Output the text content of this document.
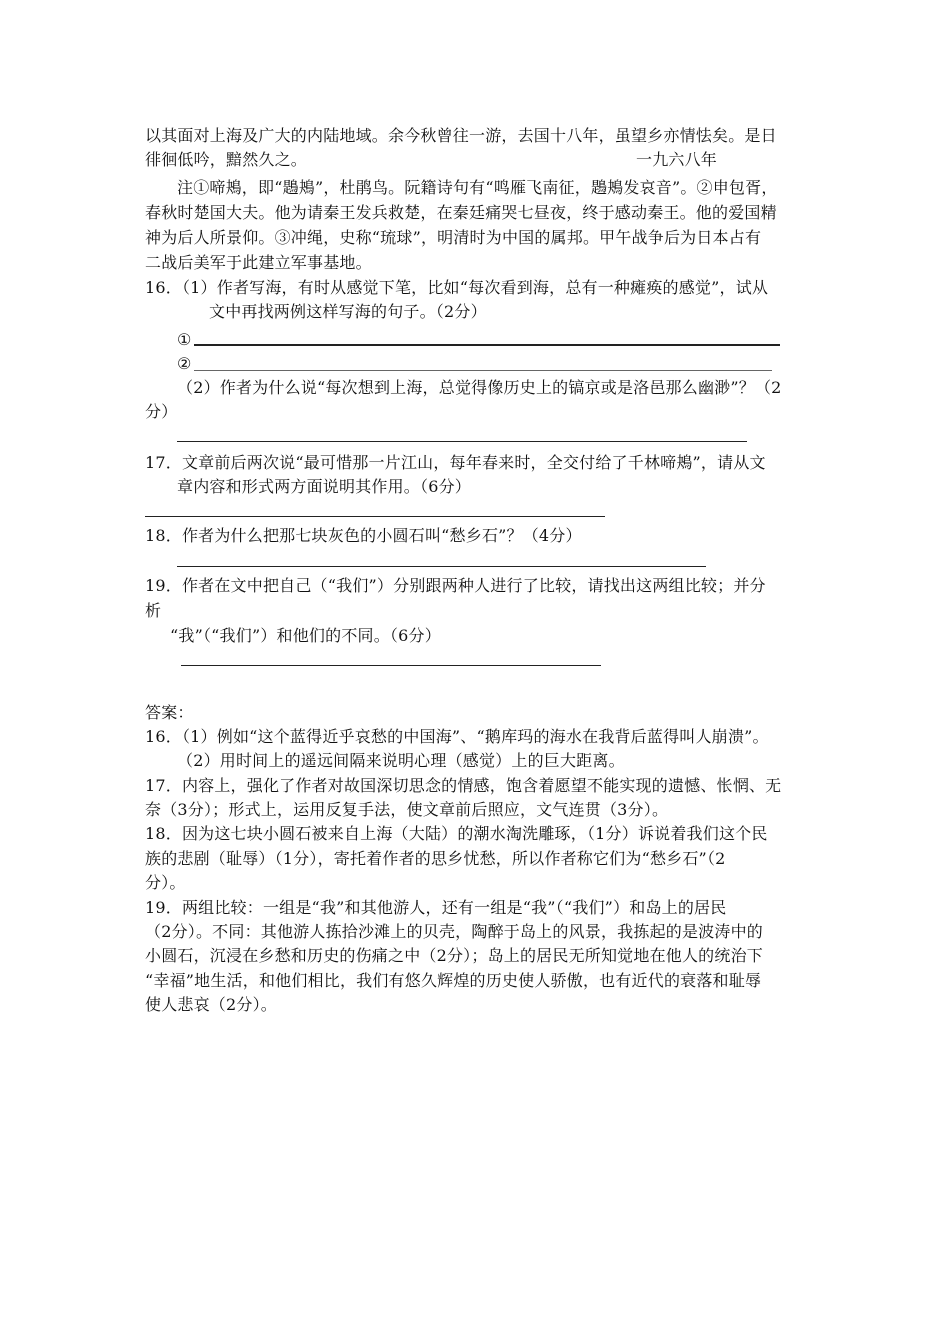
以其面对上海及广大的内陆地域。余今秋曾往一游，去国十八年，虽望乡亦情怯矣。是日
徘徊低吟，黯然久之。	一九六八年
注①啼鴂，即“鶗鴂”，杜鹃鸟。阮籍诗句有“鸣雁飞南征，鶗鴂发哀音”。②申包胥，
春秋时楚国大夫。他为请秦王发兵救楚，在秦廷痛哭七昼夜，终于感动秦王。他的爱国精
神为后人所景仰。③冲绳，史称“琉球”，明清时为中国的属邦。甲午战争后为日本占有
二战后美军于此建立军事基地。
16．（1）作者写海，有时从感觉下笔，比如“每次看到海，总有一种瘫痪的感觉”，试从
文中再找两例这样写海的句子。（2分）
①
②
（2）作者为什么说“每次想到上海，总觉得像历史上的镐京或是洛邑那么幽渺”？（2
分）
17．文章前后两次说“最可惜那一片江山，每年春来时，全交付给了千林啼鴂”，请从文
章内容和形式两方面说明其作用。（6分）
18．作者为什么把那七块灰色的小圆石叫“愁乡石”？（4分）
19．作者在文中把自己（“我们”）分别跟两种人进行了比较，请找出这两组比较；并分
析
“我”（“我们”）和他们的不同。（6分）
答案：
16．（1）例如“这个蓝得近乎哀愁的中国海”、“鹅库玛的海水在我背后蓝得叫人崩溃”。
（2）用时间上的遥远间隔来说明心理（感觉）上的巨大距离。
17．内容上，强化了作者对故国深切思念的情感，饱含着愿望不能实现的遗憾、怅惘、无
奈（3分）；形式上，运用反复手法，使文章前后照应，文气连贯（3分）。
18．因为这七块小圆石被来自上海（大陆）的潮水淘洗雕琢，（1分）诉说着我们这个民
族的悲剧（耻辱）（1分），寄托着作者的思乡忧愁，所以作者称它们为“愁乡石”（2
分）。
19．两组比较：一组是“我”和其他游人，还有一组是“我”（“我们”）和岛上的居民
（2分）。不同：其他游人拣拾沙滩上的贝壳，陶醉于岛上的风景，我拣起的是波涛中的
小圆石，沉浸在乡愁和历史的伤痛之中（2分）；岛上的居民无所知觉地在他人的统治下
“幸福”地生活，和他们相比，我们有悠久辉煌的历史使人骄傲，也有近代的衰落和耻辱
使人悲哀（2分）。
